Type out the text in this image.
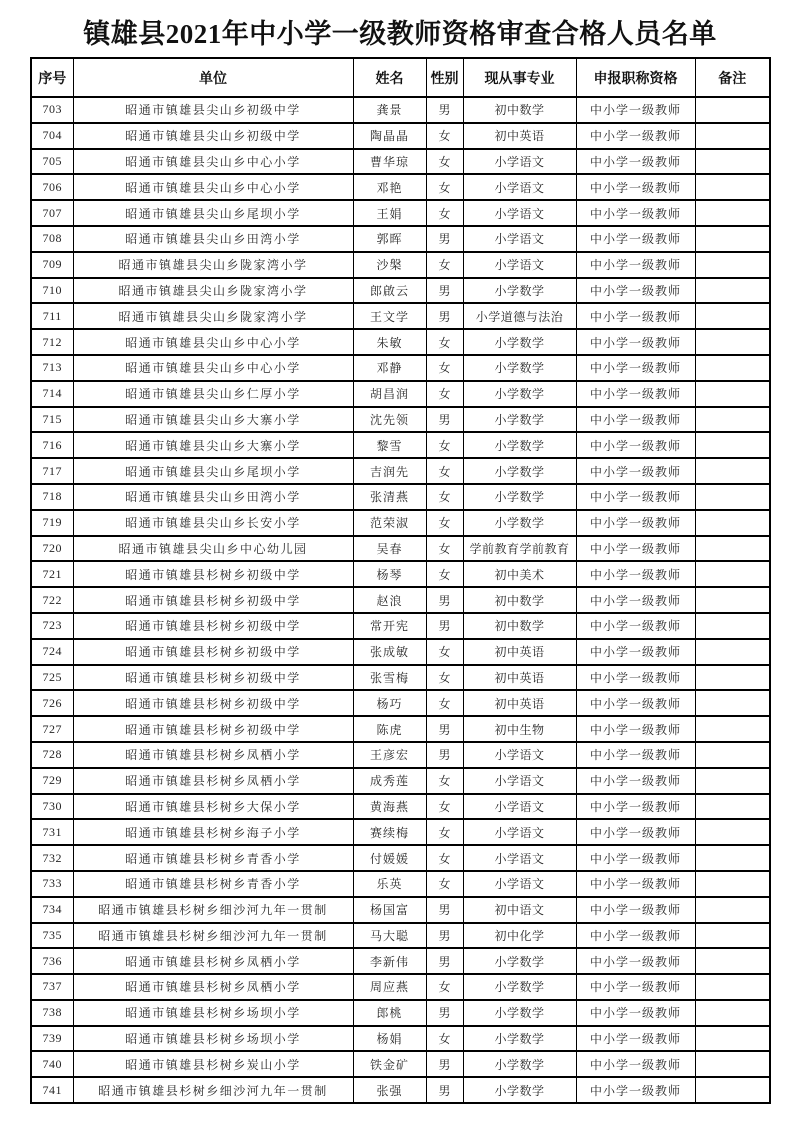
镇雄县2021年中小学一级教师资格审查合格人员名单
序号	单位	姓名	性别	现从事专业	申报职称资格	备注
703	昭通市镇雄县尖山乡初级中学	龚景	男	初中数学	中小学一级教师	
704	昭通市镇雄县尖山乡初级中学	陶晶晶	女	初中英语	中小学一级教师	
705	昭通市镇雄县尖山乡中心小学	曹华琼	女	小学语文	中小学一级教师	
706	昭通市镇雄县尖山乡中心小学	邓艳	女	小学语文	中小学一级教师	
707	昭通市镇雄县尖山乡尾坝小学	王娟	女	小学语文	中小学一级教师	
708	昭通市镇雄县尖山乡田湾小学	郭晖	男	小学语文	中小学一级教师	
709	昭通市镇雄县尖山乡陇家湾小学	沙槃	女	小学语文	中小学一级教师	
710	昭通市镇雄县尖山乡陇家湾小学	郎啟云	男	小学数学	中小学一级教师	
711	昭通市镇雄县尖山乡陇家湾小学	王文学	男	小学道德与法治	中小学一级教师	
712	昭通市镇雄县尖山乡中心小学	朱敏	女	小学数学	中小学一级教师	
713	昭通市镇雄县尖山乡中心小学	邓静	女	小学数学	中小学一级教师	
714	昭通市镇雄县尖山乡仁厚小学	胡昌润	女	小学数学	中小学一级教师	
715	昭通市镇雄县尖山乡大寨小学	沈先领	男	小学数学	中小学一级教师	
716	昭通市镇雄县尖山乡大寨小学	黎雪	女	小学数学	中小学一级教师	
717	昭通市镇雄县尖山乡尾坝小学	吉润先	女	小学数学	中小学一级教师	
718	昭通市镇雄县尖山乡田湾小学	张清燕	女	小学数学	中小学一级教师	
719	昭通市镇雄县尖山乡长安小学	范荣淑	女	小学数学	中小学一级教师	
720	昭通市镇雄县尖山乡中心幼儿园	吴春	女	学前教育学前教育	中小学一级教师	
721	昭通市镇雄县杉树乡初级中学	杨琴	女	初中美术	中小学一级教师	
722	昭通市镇雄县杉树乡初级中学	赵浪	男	初中数学	中小学一级教师	
723	昭通市镇雄县杉树乡初级中学	常开宪	男	初中数学	中小学一级教师	
724	昭通市镇雄县杉树乡初级中学	张成敏	女	初中英语	中小学一级教师	
725	昭通市镇雄县杉树乡初级中学	张雪梅	女	初中英语	中小学一级教师	
726	昭通市镇雄县杉树乡初级中学	杨巧	女	初中英语	中小学一级教师	
727	昭通市镇雄县杉树乡初级中学	陈虎	男	初中生物	中小学一级教师	
728	昭通市镇雄县杉树乡凤栖小学	王彦宏	男	小学语文	中小学一级教师	
729	昭通市镇雄县杉树乡凤栖小学	成秀莲	女	小学语文	中小学一级教师	
730	昭通市镇雄县杉树乡大保小学	黄海燕	女	小学语文	中小学一级教师	
731	昭通市镇雄县杉树乡海子小学	赛续梅	女	小学语文	中小学一级教师	
732	昭通市镇雄县杉树乡青香小学	付媛媛	女	小学语文	中小学一级教师	
733	昭通市镇雄县杉树乡青香小学	乐英	女	小学语文	中小学一级教师	
734	昭通市镇雄县杉树乡细沙河九年一贯制	杨国富	男	初中语文	中小学一级教师	
735	昭通市镇雄县杉树乡细沙河九年一贯制	马大聪	男	初中化学	中小学一级教师	
736	昭通市镇雄县杉树乡凤栖小学	李新伟	男	小学数学	中小学一级教师	
737	昭通市镇雄县杉树乡凤栖小学	周应燕	女	小学数学	中小学一级教师	
738	昭通市镇雄县杉树乡场坝小学	郎桃	男	小学数学	中小学一级教师	
739	昭通市镇雄县杉树乡场坝小学	杨娟	女	小学数学	中小学一级教师	
740	昭通市镇雄县杉树乡炭山小学	铁金矿	男	小学数学	中小学一级教师	
741	昭通市镇雄县杉树乡细沙河九年一贯制	张强	男	小学数学	中小学一级教师	
